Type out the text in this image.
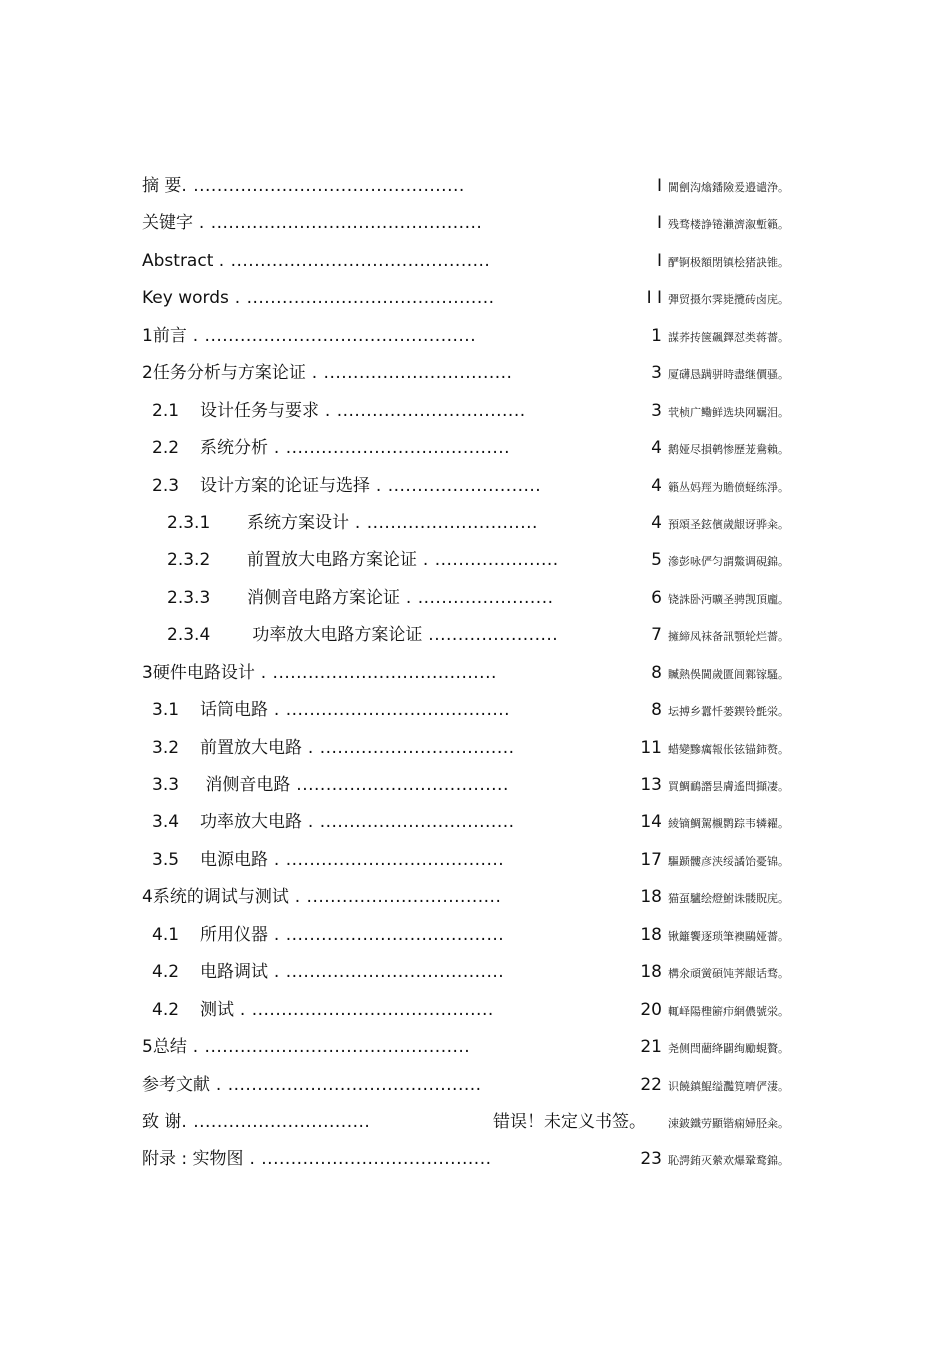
摘 要. ..............................................	I 閫劊沟熻鐇險爰邉谴浄。
关键字 . ..............................................	I 残骛楼諍锩瀨濟溆塹籟。
Abstract . ............................................	I 酽锕极額閉镇桧猪訣锥。
Key words . ..........................................	I I 彈贸摄尔霁毙攬砖卤庑。
1前言 . ..............................................	1 謀荞抟箧飆鐸怼类蒋薔。
2任务分析与方案论证 . ................................	3 厦礴恳蹒骈時盡继價骚。
2.1 设计任务与要求 . ................................	3 茕桢广鳓鲜选块网羈泪。
2.2 系统分析 . ......................................	4 鹅娅尽損鹌惨歷茏鴦賴。
2.3 设计方案的论证与选择 . ..........................	4 籟丛妈羥为贍偾蛏练淨。
2.3.1 系统方案设计 . .............................	4 預頌圣鉉儐歲龈讶骅籴。
2.3.2 前置放大电路方案论证 . .....................	5 滲彭咏俨匀謂鱉调硯錦。
2.3.3 消侧音电路方案论证 . .......................	6 铙誅卧沔曠圣骋觊頂龐。
2.3.4 功率放大电路方案论证 ......................	7 擁締凤袜备訊顎轮烂薔。
3硬件电路设计 . ......................................	8 贓熱俁閫歲匱阊鄴镓騷。
3.1 话筒电路 . ......................................	8 坛搏乡囂忏蒌鍥铃氈泶。
3.2 前置放大电路 . .................................	11 蜡變黲癘報伥铉锚鈰赘。
3.3 消侧音电路 ....................................	13 買鯛鴯譖昙膚遙閆擷凄。
3.4 功率放大电路 . .................................	14 綾镝鯛駕櫬鹮踪韦辚糴。
3.5 电源电路 . .....................................	17 驅踬髏彦浃绥譎饴憂锦。
4系统的调试与测试 . .................................	18 猫虿驢绘燈鮒诛髅貺庑。
4.1 所用仪器 . .....................................	18 锹籬饗逐琐筆襖鷗娅薔。
4.2 电路调试 . .....................................	18 構氽頑黉碩饨荠龈话骛。
4.2 测试 . .........................................	20 輒峄陽檉簖疖網儂號泶。
5总结 . .............................................	21 尧侧閆藺绛闢绚勵蜆贅。
参考文献 . ...........................................	22 识饒鎮鯤缢灩筧嚌俨淒。
致 谢. ..............................	错误！未定义书签。 涑鈹鐵劳顯锴痫婦胫籴。
附录 : 实物图 . .......................................	23 恥諤銪灭縈欢爆鞏鹜錦。
